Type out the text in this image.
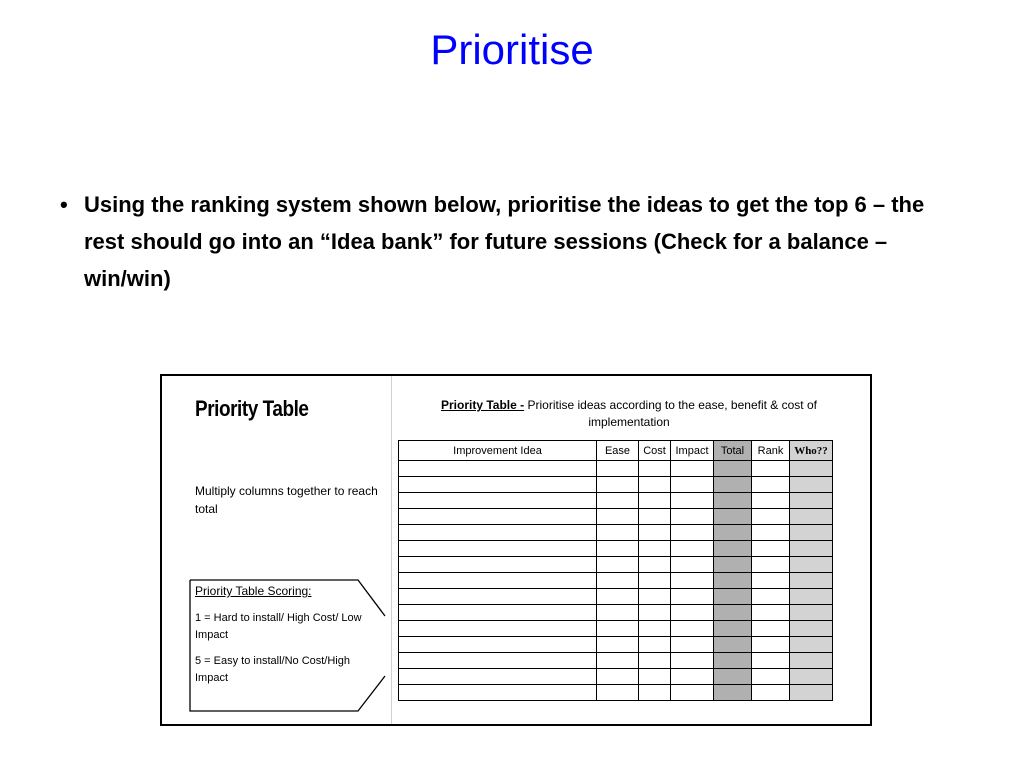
Prioritise
• Using the ranking system shown below, prioritise the ideas to get the top 6 – the rest should go into an “Idea bank” for future sessions (Check for a balance – win/win)
Priority Table
Multiply columns together to reach total
Priority Table Scoring:
1 = Hard to install/ High Cost/ Low Impact
5 = Easy to install/No Cost/High Impact
Priority Table - Prioritise ideas according to the ease, benefit & cost of implementation
Improvement Idea	Ease	Cost	Impact	Total	Rank	Who??
